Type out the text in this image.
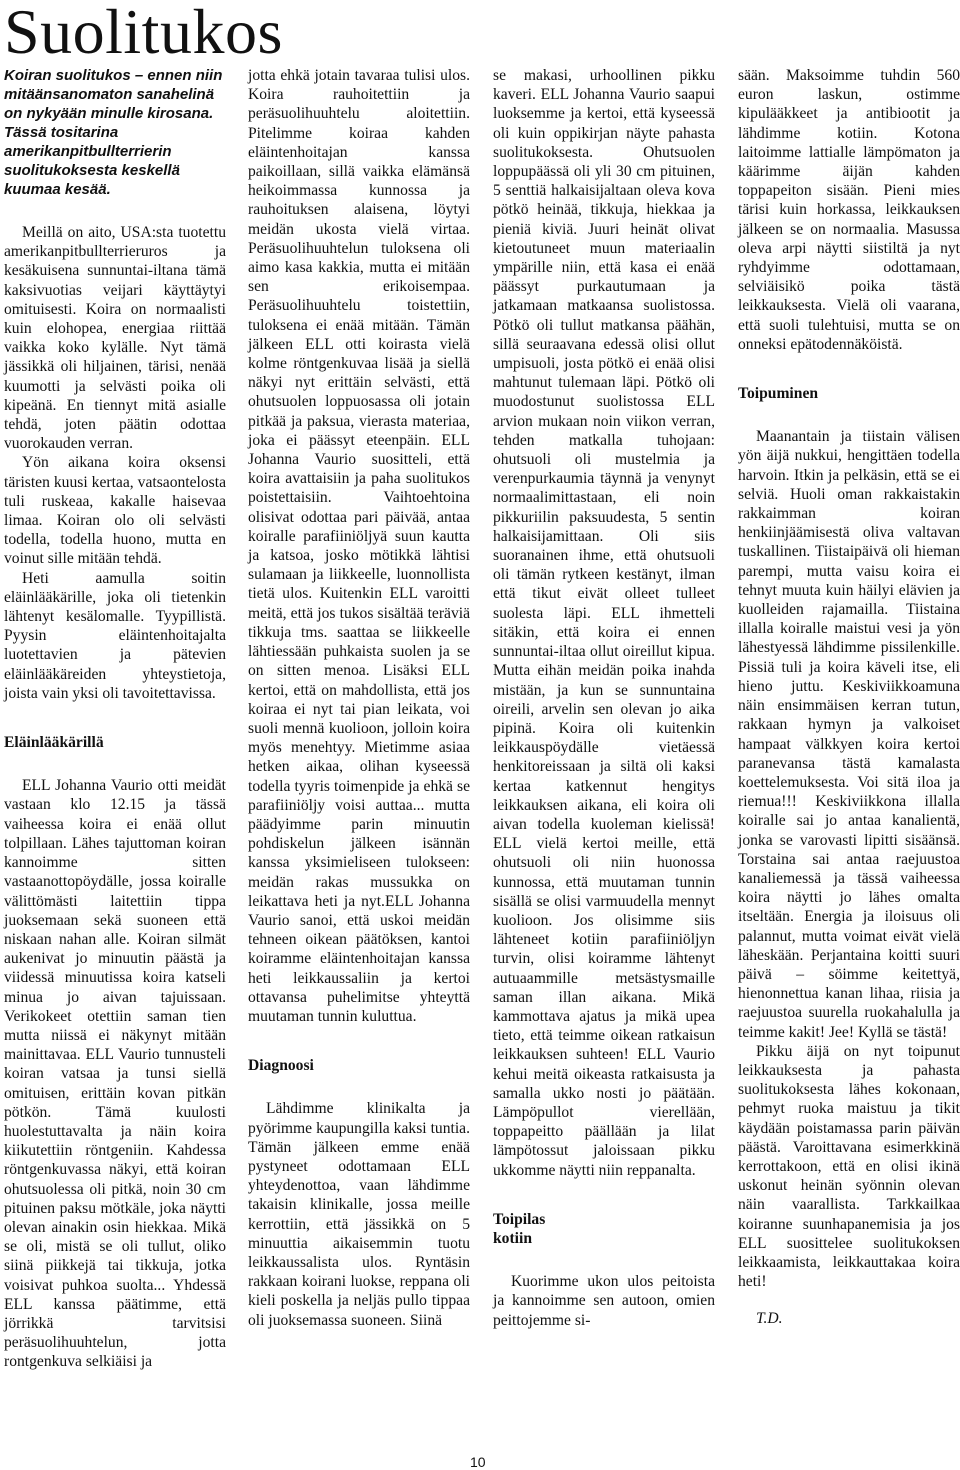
Suolitukos

Koiran suolitukos – ennen niin mitäänsanomaton sanahelinä on nykyään minulle kirosana. Tässä tositarina amerikanpitbullterrierin suolitukoksesta keskellä kuumaa kesää.

Meillä on aito, USA:sta tuotettu amerikanpitbullterrieruros ja kesäkuisena sunnuntai-iltana tämä kaksivuotias veijari käyttäytyi omituisesti. Koira on normaalisti kuin elohopea, energiaa riittää vaikka koko kylälle. Nyt tämä jässikkä oli hiljainen, tärisi, nenää kuumotti ja selvästi poika oli kipeänä. En tiennyt mitä asialle tehdä, joten päätin odottaa vuorokauden verran.

Yön aikana koira oksensi täristen kuusi kertaa, vatsaontelosta tuli ruskeaa, kakalle haisevaa limaa. Koiran olo oli selvästi todella, todella huono, mutta en voinut sille mitään tehdä.

Heti aamulla soitin eläinlääkärille, joka oli tietenkin lähtenyt kesälomalle. Tyypillistä. Pyysin eläintenhoitajalta luotettavien ja pätevien eläinlääkäreiden yhteystietoja, joista vain yksi oli tavoitettavissa.

Eläinlääkärillä

ELL Johanna Vaurio otti meidät vastaan klo 12.15 ja tässä vaiheessa koira ei enää ollut tolpillaan. Lähes tajuttoman koiran kannoimme sitten vastaanottopöydälle, jossa koiralle välittömästi laitettiin tippa juoksemaan sekä suoneen että niskaan nahan alle. Koiran silmät aukenivat jo minuutin päästä ja viidessä minuutissa koira katseli minua jo aivan tajuissaan. Verikokeet otettiin saman tien mutta niissä ei näkynyt mitään mainittavaa. ELL Vaurio tunnusteli koiran vatsaa ja tunsi siellä omituisen, erittäin kovan pitkän pötkön. Tämä kuulosti huolestuttavalta ja näin koira kiikutettiin röntgeniin. Kahdessa röntgenkuvassa näkyi, että koiran ohutsuolessa oli pitkä, noin 30 cm pituinen paksu mötkäle, joka näytti olevan ainakin osin hiekkaa. Mikä se oli, mistä se oli tullut, oliko siinä piikkejä tai tikkuja, jotka voisivat puhkoa suolta... Yhdessä ELL kanssa päätimme, että jörrikkä tarvitsisi peräsuolihuuhtelun, jotta rontgenkuva selkiäisi ja

jotta ehkä jotain tavaraa tulisi ulos. Koira rauhoitettiin ja peräsuolihuuhtelu aloitettiin. Pitelimme koiraa kahden eläintenhoitajan kanssa paikoillaan, sillä vaikka elämänsä heikoimmassa kunnossa ja rauhoituksen alaisena, löytyi meidän ukosta vielä virtaa. Peräsuolihuuhtelun tuloksena oli aimo kasa kakkia, mutta ei mitään sen erikoisempaa. Peräsuolihuuhtelu toistettiin, tuloksena ei enää mitään. Tämän jälkeen ELL otti koirasta vielä kolme röntgenkuvaa lisää ja siellä näkyi nyt erittäin selvästi, että ohutsuolen loppuosassa oli jotain pitkää ja paksua, vierasta materiaa, joka ei päässyt eteenpäin. ELL Johanna Vaurio suositteli, että koira avattaisiin ja paha suolitukos poistettaisiin. Vaihtoehtoina olisivat odottaa pari päivää, antaa koiralle parafiiniöljyä suun kautta ja katsoa, josko mötikkä lähtisi sulamaan ja liikkeelle, luonnollista tietä ulos. Kuitenkin ELL varoitti meitä, että jos tukos sisältää teräviä tikkuja tms. saattaa se liikkeelle lähtiessään puhkaista suolen ja se on sitten menoa. Lisäksi ELL kertoi, että on mahdollista, että jos koiraa ei nyt tai pian leikata, voi suoli mennä kuolioon, jolloin koira myös menehtyy. Mietimme asiaa hetken aikaa, olihan kyseessä todella tyyris toimenpide ja ehkä se parafiiniöljy voisi auttaa... mutta päädyimme parin minuutin pohdiskelun jälkeen isännän kanssa yksimieliseen tulokseen: meidän rakas mussukka on leikattava heti ja nyt.ELL Johanna Vaurio sanoi, että uskoi meidän tehneen oikean päätöksen, kantoi koiramme eläintenhoitajan kanssa heti leikkaussaliin ja kertoi ottavansa puhelimitse yhteyttä muutaman tunnin kuluttua.

Diagnoosi

Lähdimme klinikalta ja pyörimme kaupungilla kaksi tuntia. Tämän jälkeen emme enää pystyneet odottamaan ELL yhteydenottoa, vaan lähdimme takaisin klinikalle, jossa meille kerrottiin, että jässikkä on 5 minuuttia aikaisemmin tuotu leikkaussalista ulos. Ryntäsin rakkaan koirani luokse, reppana oli kieli poskella ja neljäs pullo tippaa oli juoksemassa suoneen. Siinä

se makasi, urhoollinen pikku kaveri. ELL Johanna Vaurio saapui luoksemme ja kertoi, että kyseessä oli kuin oppikirjan näyte pahasta suolitukoksesta. Ohutsuolen loppupäässä oli yli 30 cm pituinen, 5 senttiä halkaisijaltaan oleva kova pötkö heinää, tikkuja, hiekkaa ja pieniä kiviä. Juuri heinät olivat kietoutuneet muun materiaalin ympärille niin, että kasa ei enää päässyt purkautumaan ja jatkamaan matkaansa suolistossa. Pötkö oli tullut matkansa päähän, sillä seuraavana edessä olisi ollut umpisuoli, josta pötkö ei enää olisi mahtunut tulemaan läpi. Pötkö oli muodostunut suolistossa ELL arvion mukaan noin viikon verran, tehden matkalla tuhojaan: ohutsuoli oli mustelmia ja verenpurkaumia täynnä ja venynyt normaalimittastaan, eli noin pikkuriilin paksuudesta, 5 sentin halkaisijamittaan. Oli siis suoranainen ihme, että ohutsuoli oli tämän rytkeen kestänyt, ilman että tikut eivät olleet tulleet suolesta läpi. ELL ihmetteli sitäkin, että koira ei ennen sunnuntai-iltaa ollut oireillut kipua. Mutta eihän meidän poika inahda mistään, ja kun se sunnuntaina oireili, arvelin sen olevan jo aika pipinä. Koira oli kuitenkin leikkauspöydälle vietäessä henkitoreissaan ja siltä oli kaksi kertaa katkennut hengitys leikkauksen aikana, eli koira oli aivan todella kuoleman kielissä! ELL vielä kertoi meille, että ohutsuoli oli niin huonossa kunnossa, että muutaman tunnin sisällä se olisi varmuudella mennyt kuolioon. Jos olisimme siis lähteneet kotiin parafiiniöljyn turvin, olisi koiramme lähtenyt autuaammille metsästysmaille saman illan aikana. Mikä kammottava ajatus ja mikä upea tieto, että teimme oikean ratkaisun leikkauksen suhteen! ELL Vaurio kehui meitä oikeasta ratkaisusta ja samalla ukko nosti jo päätään. Lämpöpullot vierellään, toppapeitto päällään ja lilat lämpötossut jaloissaan pikku ukkomme näytti niin reppanalta.

Toipilas
kotiin

Kuorimme ukon ulos peitoista ja kannoimme sen autoon, omien peittojemme si-

sään. Maksoimme tuhdin 560 euron laskun, ostimme kipulääkkeet ja antibiootit ja lähdimme kotiin. Kotona laitoimme lattialle lämpömaton ja käärimme äijän kahden toppapeiton sisään. Pieni mies tärisi kuin horkassa, leikkauksen jälkeen se on normaalia. Masussa oleva arpi näytti siistiltä ja nyt ryhdyimme odottamaan, selviäisikö poika tästä leikkauksesta. Vielä oli vaarana, että suoli tulehtuisi, mutta se on onneksi epätodennäköistä.

Toipuminen

Maanantain ja tiistain välisen yön äijä nukkui, hengittäen todella harvoin. Itkin ja pelkäsin, että se ei selviä. Huoli oman rakkaistakin rakkaimman koiran henkiinjäämisestä oliva valtavan tuskallinen. Tiistaipäivä oli hieman parempi, mutta vaisu koira ei tehnyt muuta kuin häilyi elävien ja kuolleiden rajamailla. Tiistaina illalla koiralle maistui vesi ja yön lähestyessä lähdimme pissilenkille. Pissiä tuli ja koira käveli itse, eli hieno juttu. Keskiviikkoamuna näin ensimmäisen kerran tutun, rakkaan hymyn ja valkoiset hampaat välkkyen koira kertoi paranevansa tästä kamalasta koettelemuksesta. Voi sitä iloa ja riemua!!! Keskiviikkona illalla koiralle sai jo antaa kanalientä, jonka se varovasti lipitti sisäänsä. Torstaina sai antaa raejuustoa kanaliemessä ja tässä vaiheessa koira näytti jo lähes omalta itseltään. Energia ja iloisuus oli palannut, mutta voimat eivät vielä läheskään. Perjantaina koitti suuri päivä – söimme keitettyä, hienonnettua kanan lihaa, riisia ja raejuustoa suurella ruokahalulla ja teimme kakit! Jee! Kyllä se tästä!

Pikku äijä on nyt toipunut leikkauksesta ja pahasta suolitukoksesta lähes kokonaan, pehmyt ruoka maistuu ja tikit käydään poistamassa parin päivän päästä. Varoittavana esimerkkinä kerrottakoon, että en olisi ikinä uskonut heinän syönnin olevan näin vaarallista. Tarkkailkaa koiranne suunhapanemisia ja jos ELL suosittelee suolitukoksen leikkaamista, leikkauttakaa koira heti!

T.D.

10
